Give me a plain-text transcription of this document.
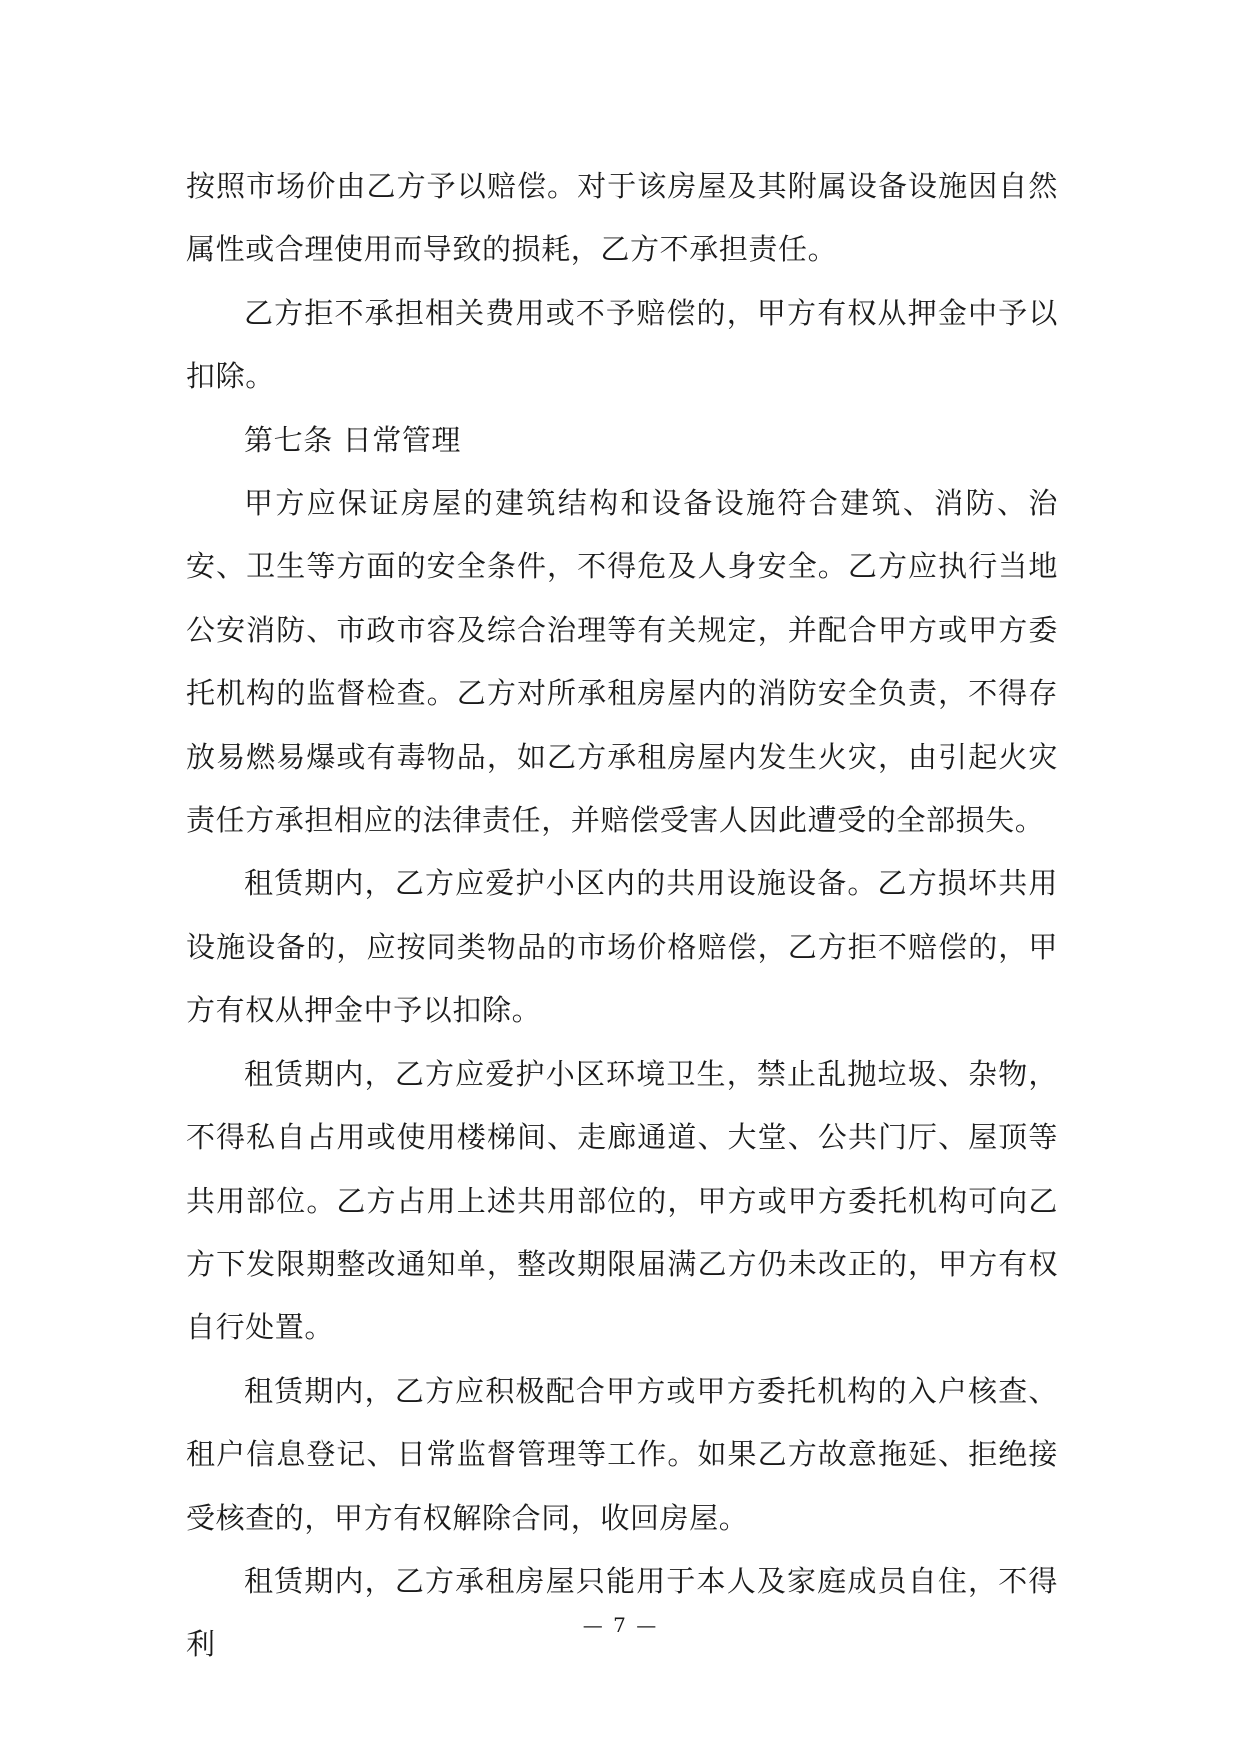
按照市场价由乙方予以赔偿。对于该房屋及其附属设备设施因自然属性或合理使用而导致的损耗，乙方不承担责任。

乙方拒不承担相关费用或不予赔偿的，甲方有权从押金中予以扣除。

第七条 日常管理

甲方应保证房屋的建筑结构和设备设施符合建筑、消防、治安、卫生等方面的安全条件，不得危及人身安全。乙方应执行当地公安消防、市政市容及综合治理等有关规定，并配合甲方或甲方委托机构的监督检查。乙方对所承租房屋内的消防安全负责，不得存放易燃易爆或有毒物品，如乙方承租房屋内发生火灾，由引起火灾责任方承担相应的法律责任，并赔偿受害人因此遭受的全部损失。

租赁期内，乙方应爱护小区内的共用设施设备。乙方损坏共用设施设备的，应按同类物品的市场价格赔偿，乙方拒不赔偿的，甲方有权从押金中予以扣除。

租赁期内，乙方应爱护小区环境卫生，禁止乱抛垃圾、杂物，不得私自占用或使用楼梯间、走廊通道、大堂、公共门厅、屋顶等共用部位。乙方占用上述共用部位的，甲方或甲方委托机构可向乙方下发限期整改通知单，整改期限届满乙方仍未改正的，甲方有权自行处置。

租赁期内，乙方应积极配合甲方或甲方委托机构的入户核查、租户信息登记、日常监督管理等工作。如果乙方故意拖延、拒绝接受核查的，甲方有权解除合同，收回房屋。

租赁期内，乙方承租房屋只能用于本人及家庭成员自住，不得利

— 7 —
